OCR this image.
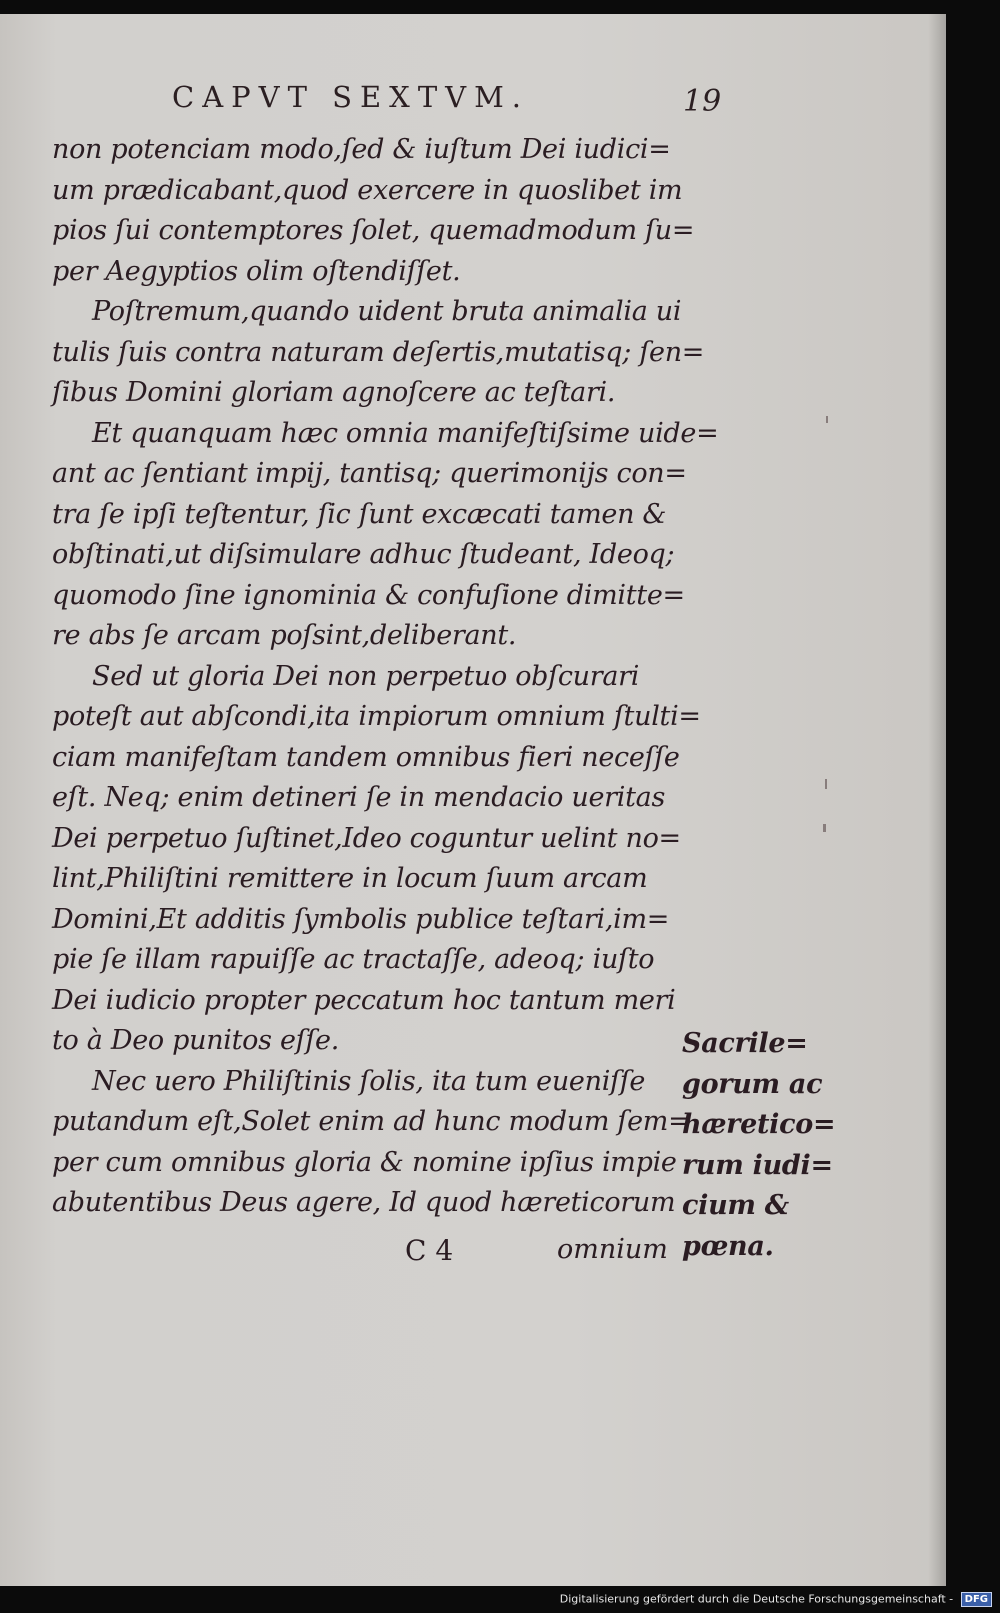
CAPVT SEXTVM.	19
non potenciam modo,ſed & iuſtum Dei iudici=
um prædicabant,quod exercere in quoslibet im
pios ſui contemptores ſolet, quemadmodum ſu=
per Aegyptios olim oſtendiſſet.
Poſtremum,quando uident bruta animalia ui
tulis ſuis contra naturam deſertis,mutatisq; ſen=
ſibus Domini gloriam agnoſcere ac teſtari.
Et quanquam hæc omnia manifeſtiſsime uide=
ant ac ſentiant impij, tantisq; querimonijs con=
tra ſe ipſi teſtentur, ſic ſunt excæcati tamen &
obſtinati,ut diſsimulare adhuc ſtudeant, Ideoq;
quomodo ſine ignominia & confuſione dimitte=
re abs ſe arcam poſsint,deliberant.
Sed ut gloria Dei non perpetuo obſcurari
poteſt aut abſcondi,ita impiorum omnium ſtulti=
ciam manifeſtam tandem omnibus fieri neceſſe
eſt. Neq; enim detineri ſe in mendacio ueritas
Dei perpetuo ſuſtinet,Ideo coguntur uelint no=
lint,Philiſtini remittere in locum ſuum arcam
Domini,Et additis ſymbolis publice teſtari,im=
pie ſe illam rapuiſſe ac tractaſſe, adeoq; iuſto
Dei iudicio propter peccatum hoc tantum meri
to à Deo punitos eſſe.
Nec uero Philiſtinis ſolis, ita tum eueniſſe
putandum eſt,Solet enim ad hunc modum ſem=
per cum omnibus gloria & nomine ipſius impie
abutentibus Deus agere, Id quod hæreticorum
C 4	omnium
Sacrile=
gorum ac
hæretico=
rum iudi=
cium &
pœna.
Digitalisierung gefördert durch die Deutsche Forschungsgemeinschaft - DFG
